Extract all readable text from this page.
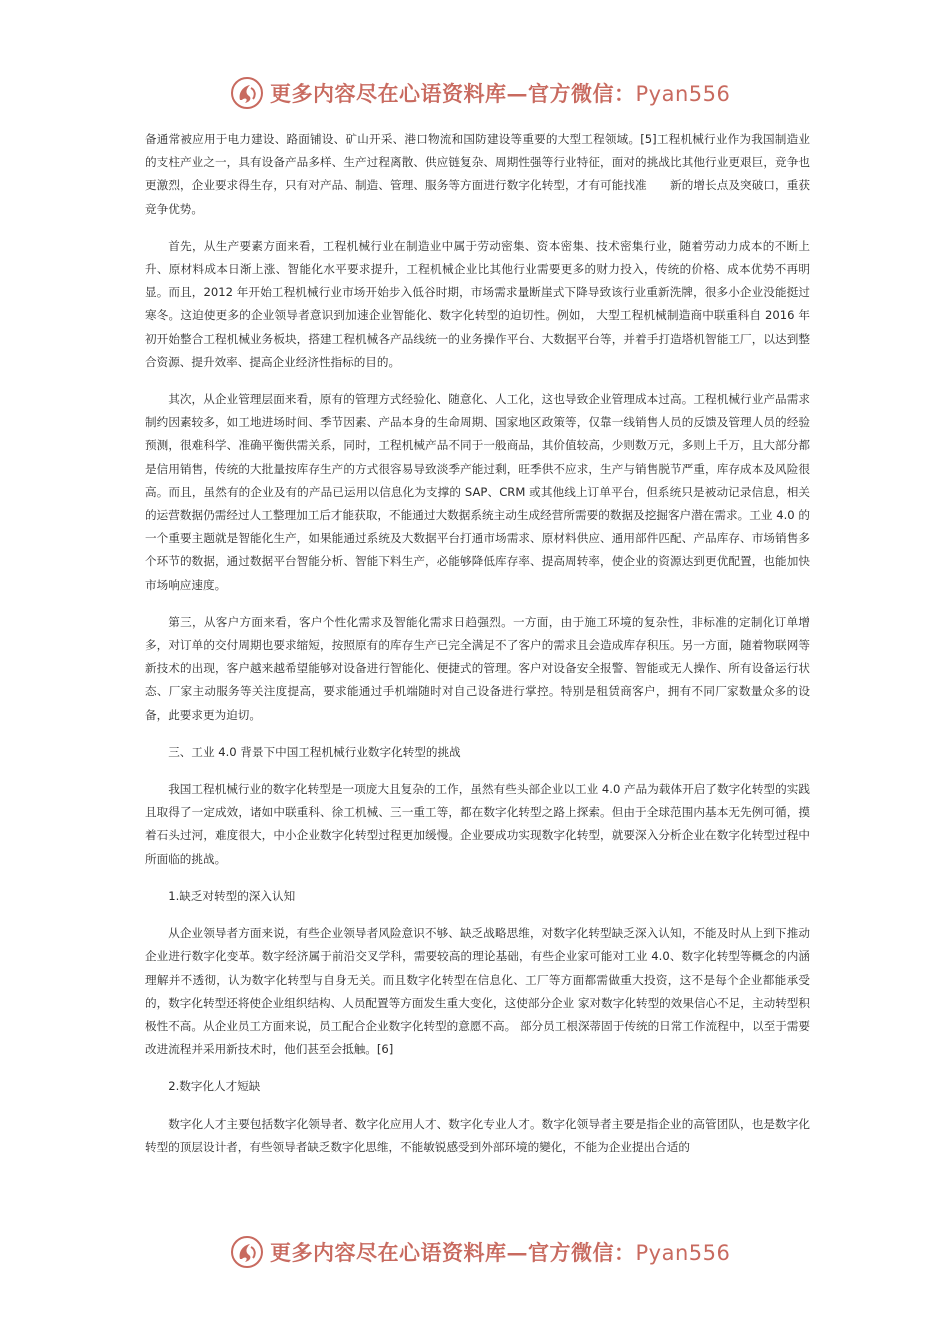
更多内容尽在心语资料库—官方微信：Pyan556

备通常被应用于电力建设、路面铺设、矿山开采、港口物流和国防建设等重要的大型工程领域。[5]工程机械行业作为我国制造业的支柱产业之一，具有设备产品多样、生产过程离散、供应链复杂、周期性强等行业特征，面对的挑战比其他行业更艰巨，竞争也更激烈，企业要求得生存，只有对产品、制造、管理、服务等方面进行数字化转型，才有可能找准　　新的增长点及突破口，重获竞争优势。

首先，从生产要素方面来看，工程机械行业在制造业中属于劳动密集、资本密集、技术密集行业，随着劳动力成本的不断上升、原材料成本日渐上涨、智能化水平要求提升，工程机械企业比其他行业需要更多的财力投入，传统的价格、成本优势不再明显。而且，2012 年开始工程机械行业市场开始步入低谷时期，市场需求量断崖式下降导致该行业重新洗牌，很多小企业没能挺过寒冬。这迫使更多的企业领导者意识到加速企业智能化、数字化转型的迫切性。例如， 大型工程机械制造商中联重科自 2016 年初开始整合工程机械业务板块，搭建工程机械各产品线统一的业务操作平台、大数据平台等，并着手打造塔机智能工厂，以达到整合资源、提升效率、提高企业经济性指标的目的。

其次，从企业管理层面来看，原有的管理方式经验化、随意化、人工化，这也导致企业管理成本过高。工程机械行业产品需求制约因素较多，如工地进场时间、季节因素、产品本身的生命周期、国家地区政策等，仅靠一线销售人员的反馈及管理人员的经验预测，很难科学、准确平衡供需关系，同时，工程机械产品不同于一般商品，其价值较高，少则数万元，多则上千万，且大部分都是信用销售，传统的大批量按库存生产的方式很容易导致淡季产能过剩，旺季供不应求，生产与销售脱节严重，库存成本及风险很高。而且，虽然有的企业及有的产品已运用以信息化为支撑的 SAP、CRM 或其他线上订单平台，但系统只是被动记录信息，相关的运营数据仍需经过人工整理加工后才能获取，不能通过大数据系统主动生成经营所需要的数据及挖掘客户潜在需求。工业 4.0 的一个重要主题就是智能化生产，如果能通过系统及大数据平台打通市场需求、原材料供应、通用部件匹配、产品库存、市场销售多个环节的数据，通过数据平台智能分析、智能下料生产，必能够降低库存率、提高周转率，使企业的资源达到更优配置，也能加快市场响应速度。

第三，从客户方面来看，客户个性化需求及智能化需求日趋强烈。一方面，由于施工环境的复杂性，非标准的定制化订单增多，对订单的交付周期也要求缩短，按照原有的库存生产已完全满足不了客户的需求且会造成库存积压。另一方面，随着物联网等新技术的出现，客户越来越希望能够对设备进行智能化、便捷式的管理。客户对设备安全报警、智能或无人操作、所有设备运行状态、厂家主动服务等关注度提高，要求能通过手机端随时对自己设备进行掌控。特别是租赁商客户，拥有不同厂家数量众多的设备，此要求更为迫切。

三、工业 4.0 背景下中国工程机械行业数字化转型的挑战

我国工程机械行业的数字化转型是一项庞大且复杂的工作，虽然有些头部企业以工业 4.0 产品为载体开启了数字化转型的实践且取得了一定成效，诸如中联重科、徐工机械、三一重工等，都在数字化转型之路上探索。但由于全球范围内基本无先例可循，摸着石头过河，难度很大，中小企业数字化转型过程更加缓慢。企业要成功实现数字化转型，就要深入分析企业在数字化转型过程中所面临的挑战。

1.缺乏对转型的深入认知

从企业领导者方面来说，有些企业领导者风险意识不够、缺乏战略思维，对数字化转型缺乏深入认知，不能及时从上到下推动企业进行数字化变革。数字经济属于前沿交叉学科，需要较高的理论基础，有些企业家可能对工业 4.0、数字化转型等概念的内涵理解并不透彻，认为数字化转型与自身无关。而且数字化转型在信息化、工厂等方面都需做重大投资，这不是每个企业都能承受的，数字化转型还将使企业组织结构、人员配置等方面发生重大变化，这使部分企业 家对数字化转型的效果信心不足，主动转型积极性不高。从企业员工方面来说，员工配合企业数字化转型的意愿不高。 部分员工根深蒂固于传统的日常工作流程中，以至于需要改进流程并采用新技术时，他们甚至会抵触。[6]

2.数字化人才短缺

数字化人才主要包括数字化领导者、数字化应用人才、数字化专业人才。数字化领导者主要是指企业的高管团队，也是数字化转型的顶层设计者，有些领导者缺乏数字化思维，不能敏锐感受到外部环境的變化，不能为企业提出合适的

更多内容尽在心语资料库—官方微信：Pyan556
